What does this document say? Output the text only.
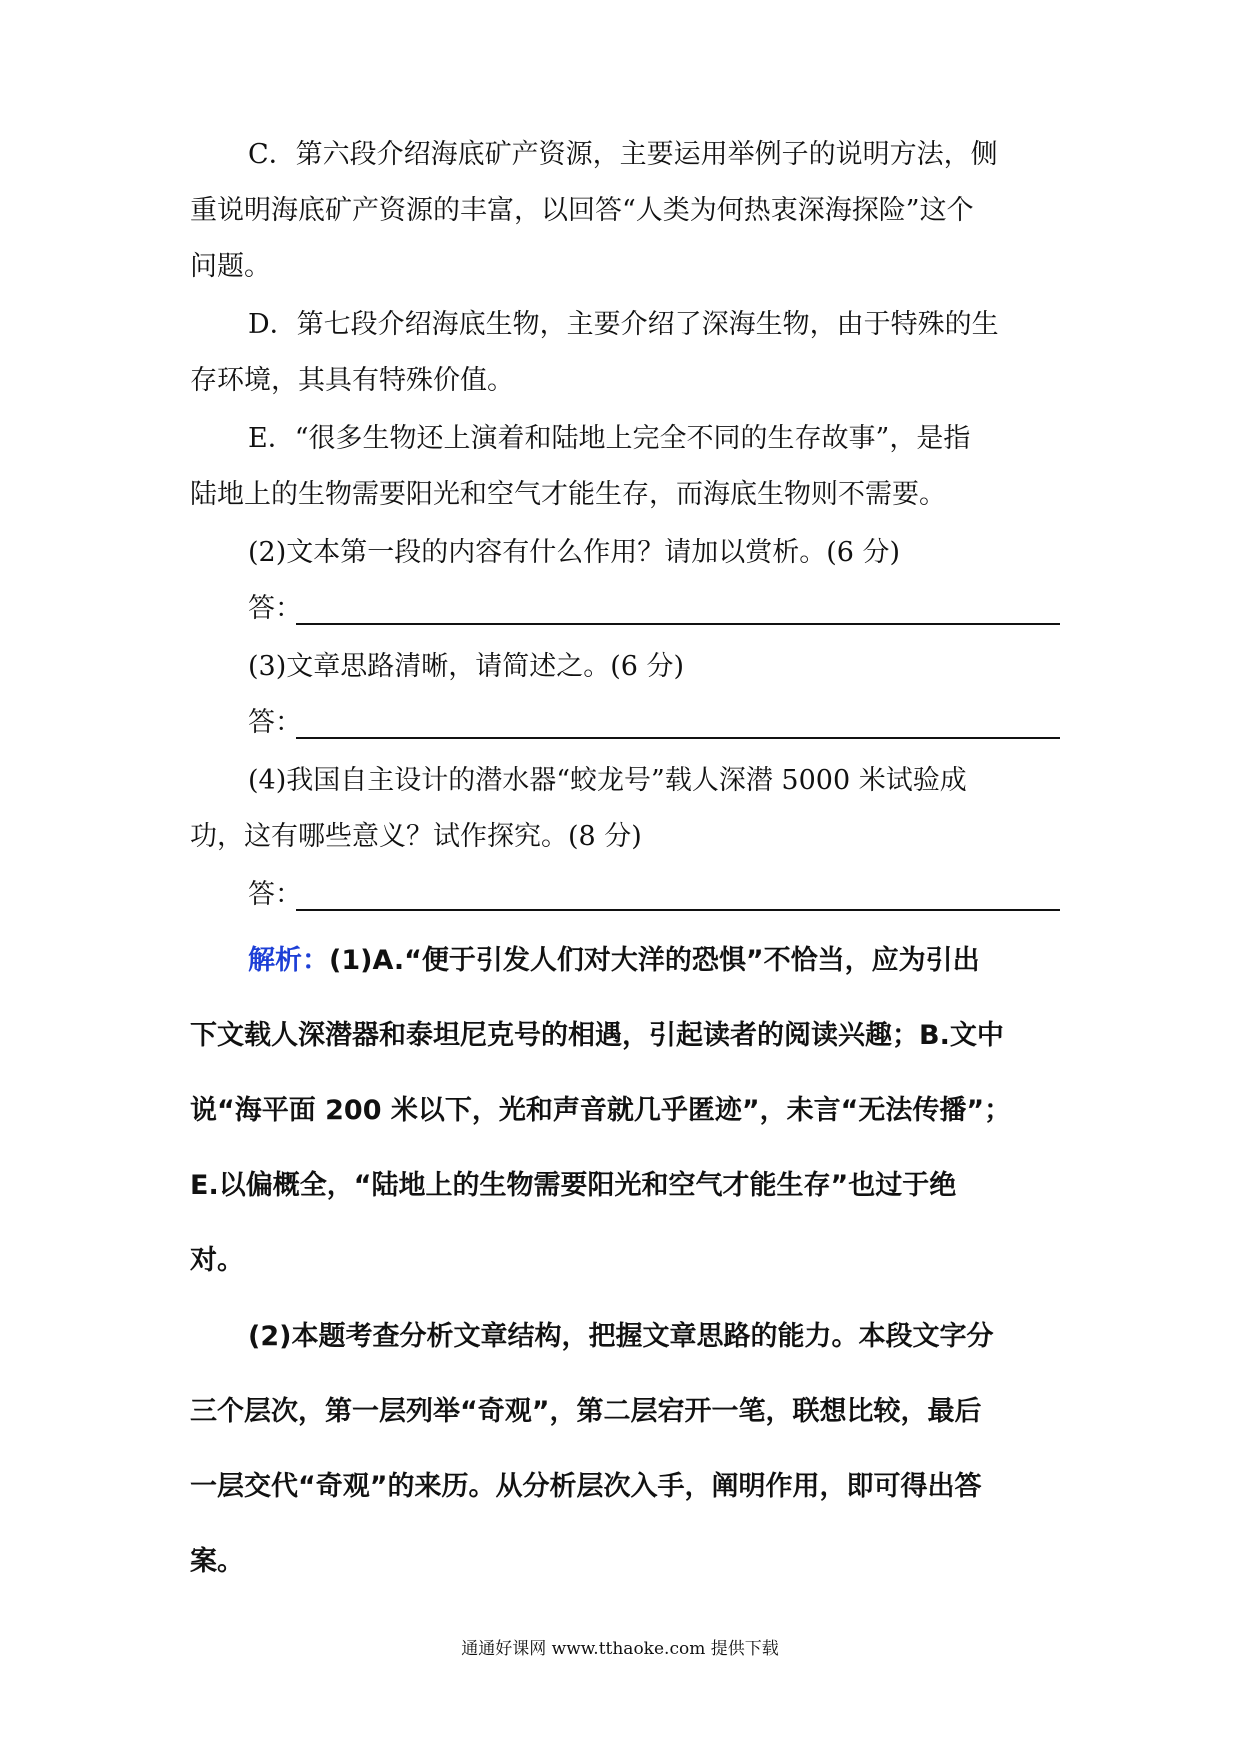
C．第六段介绍海底矿产资源，主要运用举例子的说明方法，侧
重说明海底矿产资源的丰富，以回答“人类为何热衷深海探险”这个
问题。
D．第七段介绍海底生物，主要介绍了深海生物，由于特殊的生
存环境，其具有特殊价值。
E．“很多生物还上演着和陆地上完全不同的生存故事”，是指
陆地上的生物需要阳光和空气才能生存，而海底生物则不需要。
(2)文本第一段的内容有什么作用？请加以赏析。(6 分)
答：
(3)文章思路清晰，请简述之。(6 分)
答：
(4)我国自主设计的潜水器“蛟龙号”载人深潜 5000 米试验成
功，这有哪些意义？试作探究。(8 分)
答：
解析：(1)A.“便于引发人们对大洋的恐惧”不恰当，应为引出
下文载人深潜器和泰坦尼克号的相遇，引起读者的阅读兴趣；B.文中
说“海平面 200 米以下，光和声音就几乎匿迹”，未言“无法传播”；
E.以偏概全，“陆地上的生物需要阳光和空气才能生存”也过于绝
对。
(2)本题考查分析文章结构，把握文章思路的能力。本段文字分
三个层次，第一层列举“奇观”，第二层宕开一笔，联想比较，最后
一层交代“奇观”的来历。从分析层次入手，阐明作用，即可得出答
案。
通通好课网 www.tthaoke.com 提供下载
